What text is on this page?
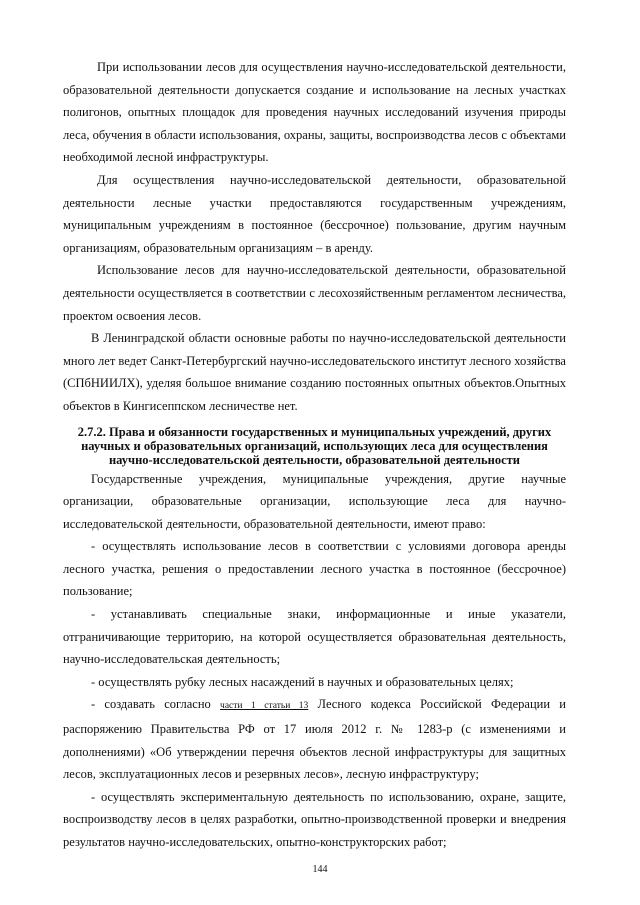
При использовании лесов для осуществления научно-исследовательской деятельности, образовательной деятельности допускается создание и использование на лесных участках полигонов, опытных площадок для проведения научных исследований изучения природы леса, обучения в области использования, охраны, защиты, воспроизводства лесов с объектами необходимой лесной инфраструктуры.

Для осуществления научно-исследовательской деятельности, образовательной деятельности лесные участки предоставляются государственным учреждениям, муниципальным учреждениям в постоянное (бессрочное) пользование, другим научным организациям, образовательным организациям – в аренду.

Использование лесов для научно-исследовательской деятельности, образовательной деятельности осуществляется в соответствии с лесохозяйственным регламентом лесничества, проектом освоения лесов.

В Ленинградской области основные работы по научно-исследовательской деятельности много лет ведет Санкт-Петербургский научно-исследовательского институт лесного хозяйства (СПбНИИЛХ), уделяя большое внимание созданию постоянных опытных объектов.Опытных объектов в Кингисеппском лесничестве нет.

2.7.2. Права и обязанности государственных и муниципальных учреждений, других научных и образовательных организаций, использующих леса для осуществления научно-исследовательской деятельности, образовательной деятельности

Государственные учреждения, муниципальные учреждения, другие научные организации, образовательные организации, использующие леса для научно-исследовательской деятельности, образовательной деятельности, имеют право:

- осуществлять использование лесов в соответствии с условиями договора аренды лесного участка, решения о предоставлении лесного участка в постоянное (бессрочное) пользование;

- устанавливать специальные знаки, информационные и иные указатели, отграничивающие территорию, на которой осуществляется образовательная деятельность, научно-исследовательская деятельность;

- осуществлять рубку лесных насаждений в научных и образовательных целях;

- создавать согласно части 1 статьи 13 Лесного кодекса Российской Федерации и распоряжению Правительства РФ от 17 июля 2012 г. № 1283-р (с изменениями и дополнениями) «Об утверждении перечня объектов лесной инфраструктуры для защитных лесов, эксплуатационных лесов и резервных лесов», лесную инфраструктуру;

- осуществлять экспериментальную деятельность по использованию, охране, защите, воспроизводству лесов в целях разработки, опытно-производственной проверки и внедрения результатов научно-исследовательских, опытно-конструкторских работ;

144
